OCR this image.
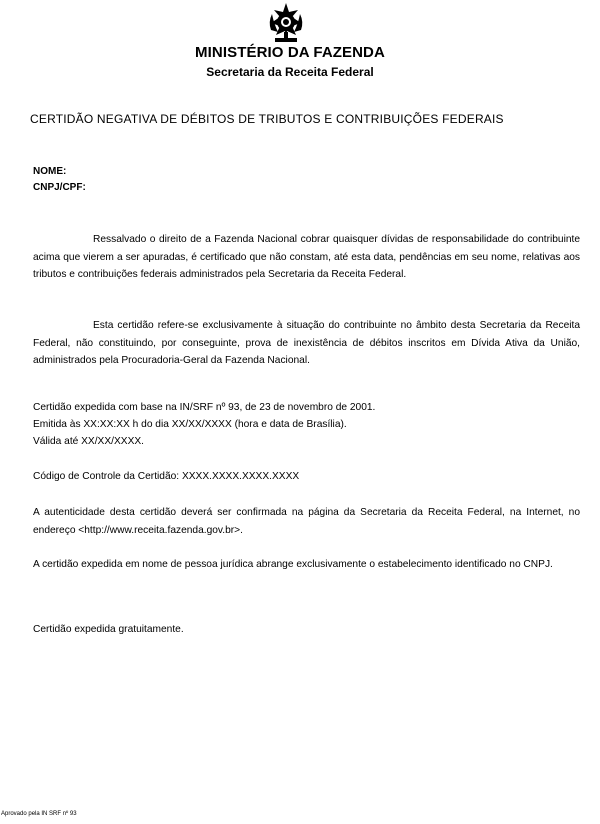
MINISTÉRIO DA FAZENDA
Secretaria da Receita Federal
CERTIDÃO NEGATIVA DE DÉBITOS DE TRIBUTOS E CONTRIBUIÇÕES FEDERAIS
NOME:
CNPJ/CPF:
Ressalvado o direito de a Fazenda Nacional cobrar quaisquer dívidas de responsabilidade do contribuinte acima que vierem a ser apuradas, é certificado que não constam, até esta data, pendências em seu nome, relativas aos tributos e contribuições federais administrados pela Secretaria da Receita Federal.
Esta certidão refere-se exclusivamente à situação do contribuinte no âmbito desta Secretaria da Receita Federal, não constituindo, por conseguinte, prova de inexistência de débitos inscritos em Dívida Ativa da União, administrados pela Procuradoria-Geral da Fazenda Nacional.
Certidão expedida com base na IN/SRF nº 93, de 23 de novembro de 2001.
Emitida às XX:XX:XX h do dia XX/XX/XXXX (hora e data de Brasília).
Válida até XX/XX/XXXX.
Código de Controle da Certidão: XXXX.XXXX.XXXX.XXXX
A autenticidade desta certidão deverá ser confirmada na página da Secretaria da Receita Federal, na Internet, no endereço <http://www.receita.fazenda.gov.br>.
A certidão expedida em nome de pessoa jurídica abrange exclusivamente o estabelecimento identificado no CNPJ.
Certidão expedida gratuitamente.
Aprovado pela IN SRF nº 93
